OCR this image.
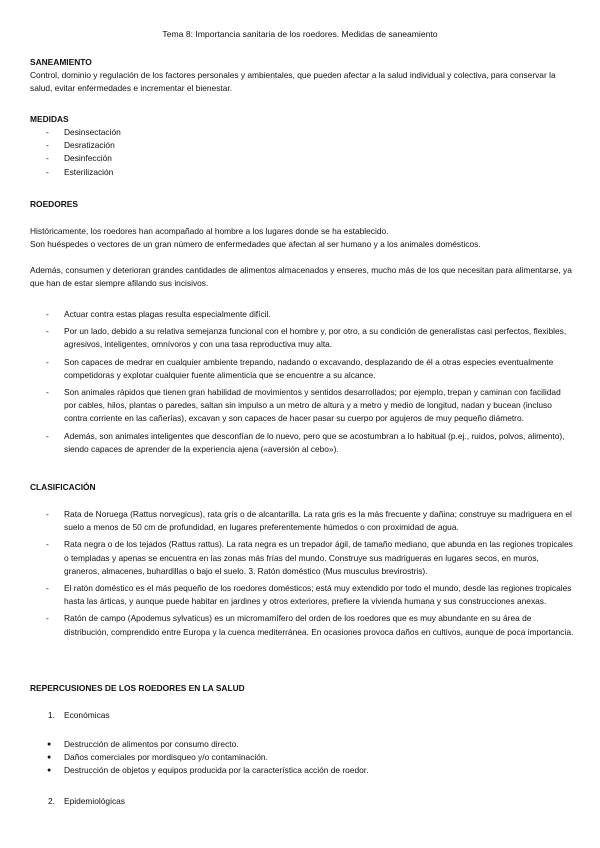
Tema 8: Importancia sanitaria de los roedores. Medidas de saneamiento
SANEAMIENTO
Control, dominio y regulación de los factores personales y ambientales, que pueden afectar a la salud individual y colectiva, para conservar la salud, evitar enfermedades e incrementar el bienestar.
MEDIDAS
- Desinsectación
- Desratización
- Desinfección
- Esterilización
ROEDORES
Históricamente, los roedores han acompañado al hombre a los lugares donde se ha establecido.
Son huéspedes o vectores de un gran número de enfermedades que afectan al ser humano y a los animales domésticos.
Además, consumen y deterioran grandes cantidades de alimentos almacenados y enseres, mucho más de los que necesitan para alimentarse, ya que han de estar siempre afilando sus incisivos.
- Actuar contra estas plagas resulta especialmente difícil.
- Por un lado, debido a su relativa semejanza funcional con el hombre y, por otro, a su condición de generalistas casi perfectos, flexibles, agresivos, inteligentes, omnívoros y con una tasa reproductiva muy alta.
- Son capaces de medrar en cualquier ambiente trepando, nadando o excavando, desplazando de él a otras especies eventualmente competidoras y explotar cualquier fuente alimenticia que se encuentre a su alcance.
- Son animales rápidos que tienen gran habilidad de movimientos y sentidos desarrollados; por ejemplo, trepan y caminan con facilidad por cables, hilos, plantas o paredes, saltan sin impulso a un metro de altura y a metro y medio de longitud, nadan y bucean (incluso contra corriente en las cañerías), excavan y son capaces de hacer pasar su cuerpo por agujeros de muy pequeño diámetro.
- Además, son animales inteligentes que desconfían de lo nuevo, pero que se acostumbran a lo habitual (p.ej., ruidos, polvos, alimento), siendo capaces de aprender de la experiencia ajena («aversión al cebo»).
CLASIFICACIÓN
- Rata de Noruega (Rattus norvegicus), rata gris o de alcantarilla. La rata gris es la más frecuente y dañina; construye su madriguera en el suelo a menos de 50 cm de profundidad, en lugares preferentemente húmedos o con proximidad de agua.
- Rata negra o de los tejados (Rattus rattus). La rata negra es un trepador ágil, de tamaño mediano, que abunda en las regiones tropicales o templadas y apenas se encuentra en las zonas más frías del mundo. Construye sus madrigueras en lugares secos, en muros, graneros, almacenes, buhardillas o bajo el suelo. 3. Ratón doméstico (Mus musculus brevirostris).
- El ratón doméstico es el más pequeño de los roedores domésticos; está muy extendido por todo el mundo, desde las regiones tropicales hasta las árticas, y aunque puede habitar en jardines y otros exteriores, prefiere la vivienda humana y sus construcciones anexas.
- Ratón de campo (Apodemus sylvaticus) es un micromamífero del orden de los roedores que es muy abundante en su área de distribución, comprendido entre Europa y la cuenca mediterránea. En ocasiones provoca daños en cultivos, aunque de poca importancia.
REPERCUSIONES DE LOS ROEDORES EN LA SALUD
1. Económicas
● Destrucción de alimentos por consumo directo.
● Daños comerciales por mordisqueo y/o contaminación.
● Destrucción de objetos y equipos producida por la característica acción de roedor.
2. Epidemiológicas
